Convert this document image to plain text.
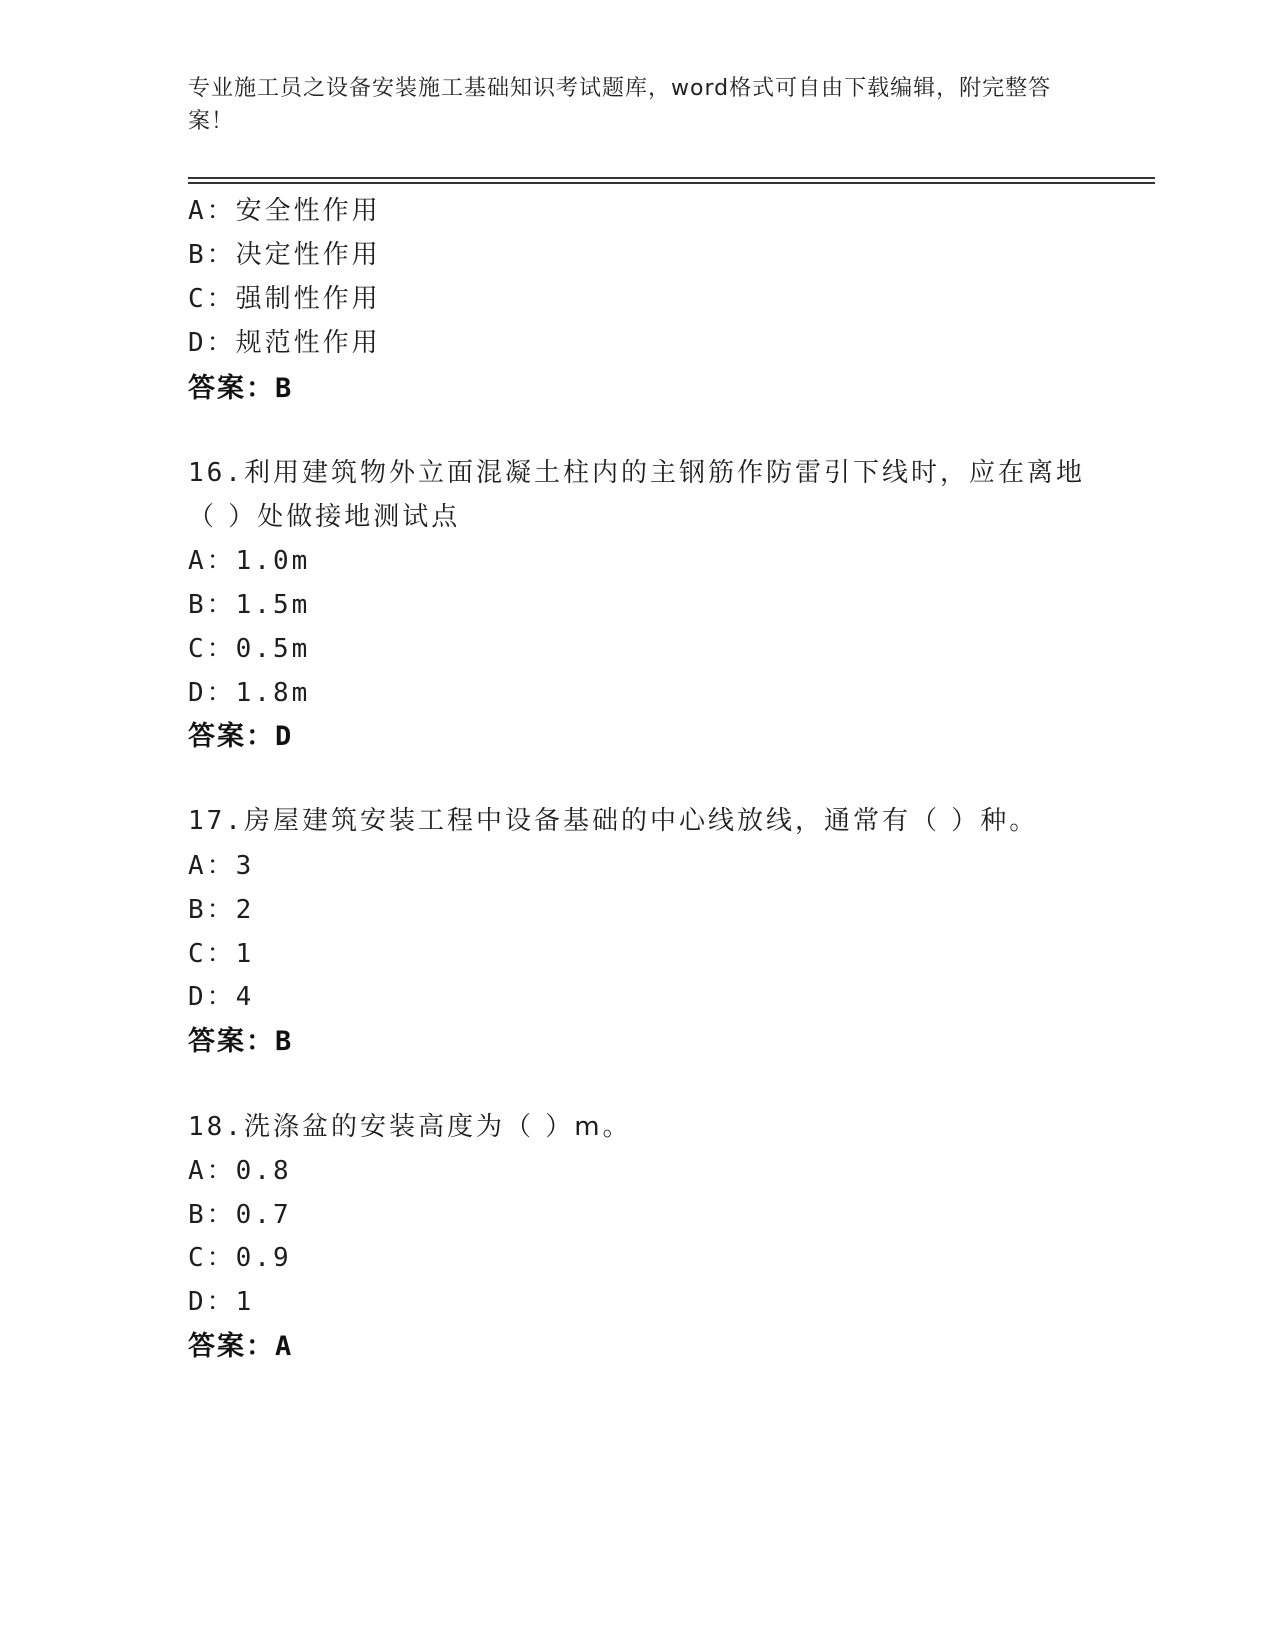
专业施工员之设备安装施工基础知识考试题库，word格式可自由下载编辑，附完整答案！
A：安全性作用
B：决定性作用
C：强制性作用
D：规范性作用
答案：B
16.利用建筑物外立面混凝土柱内的主钢筋作防雷引下线时，应在离地
（ ）处做接地测试点
A：1.0m
B：1.5m
C：0.5m
D：1.8m
答案：D
17.房屋建筑安装工程中设备基础的中心线放线，通常有（ ）种。
A：3
B：2
C：1
D：4
答案：B
18.洗涤盆的安装高度为（ ）m。
A：0.8
B：0.7
C：0.9
D：1
答案：A
